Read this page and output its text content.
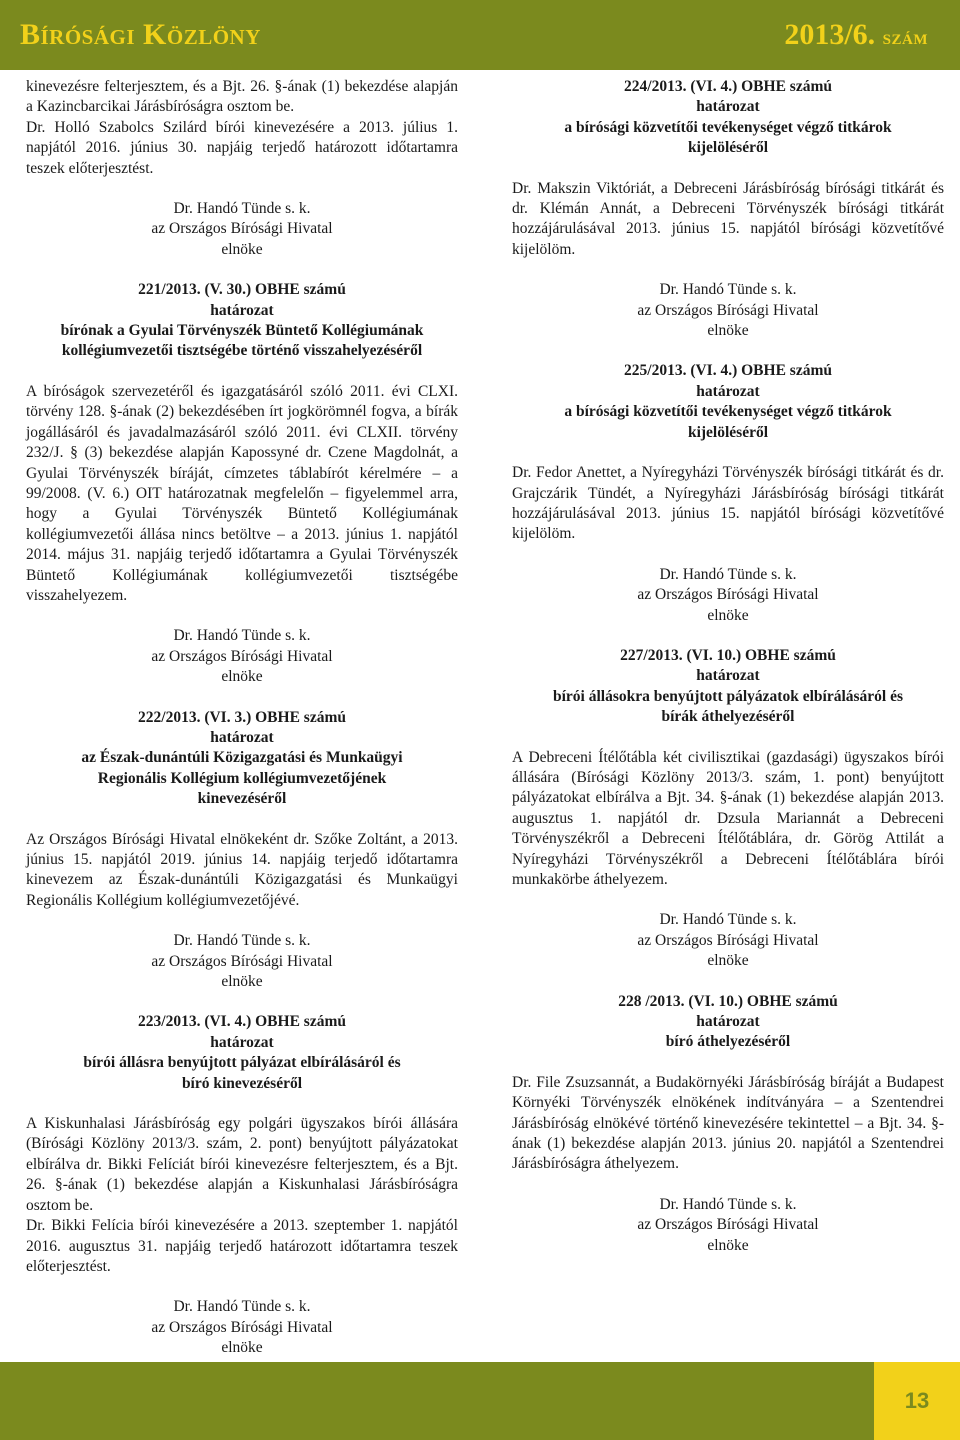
Bírósági Közlöny	2013/6. szám

kinevezésre felterjesztem, és a Bjt. 26. §-ának (1) bekezdése alapján a Kazincbarcikai Járásbíróságra osztom be.

Dr. Holló Szabolcs Szilárd bírói kinevezésére a 2013. július 1. napjától 2016. június 30. napjáig terjedő határozott időtartamra teszek előterjesztést.

Dr. Handó Tünde s. k.

az Országos Bírósági Hivatal

elnöke

221/2013. (V. 30.) OBHE számú

határozat

bírónak a Gyulai Törvényszék Büntető Kollégiumának

kollégiumvezetői tisztségébe történő visszahelyezéséről

A bíróságok szervezetéről és igazgatásáról szóló 2011. évi CLXI. törvény 128. §-ának (2) bekezdésében írt jogkörömnél fogva, a bírák jogállásáról és javadalmazásáról szóló 2011. évi CLXII. törvény 232/J. § (3) bekezdése alapján Kapossyné dr. Czene Magdolnát, a Gyulai Törvényszék bíráját, címzetes táblabírót kérelmére – a 99/2008. (V. 6.) OIT határozatnak megfelelőn – figyelemmel arra, hogy a Gyulai Törvényszék Büntető Kollégiumának kollégiumvezetői állása nincs betöltve – a 2013. június 1. napjától 2014. május 31. napjáig terjedő időtartamra a Gyulai Törvényszék Büntető Kollégiumának kollégiumvezetői tisztségébe visszahelyezem.

Dr. Handó Tünde s. k.

az Országos Bírósági Hivatal

elnöke

222/2013. (VI. 3.) OBHE számú

határozat

az Észak-dunántúli Közigazgatási és Munkaügyi

Regionális Kollégium kollégiumvezetőjének

kinevezéséről

Az Országos Bírósági Hivatal elnökeként dr. Szőke Zoltánt, a 2013. június 15. napjától 2019. június 14. napjáig terjedő időtartamra kinevezem az Észak-dunántúli Közigazgatási és Munkaügyi Regionális Kollégium kollégiumvezetőjévé.

Dr. Handó Tünde s. k.

az Országos Bírósági Hivatal

elnöke

223/2013. (VI. 4.) OBHE számú

határozat

bírói állásra benyújtott pályázat elbírálásáról és

bíró kinevezéséről

A Kiskunhalasi Járásbíróság egy polgári ügyszakos bírói állására (Bírósági Közlöny 2013/3. szám, 2. pont) benyújtott pályázatokat elbírálva dr. Bikki Felíciát bírói kinevezésre felterjesztem, és a Bjt. 26. §-ának (1) bekezdése alapján a Kiskunhalasi Járásbíróságra osztom be.

Dr. Bikki Felícia bírói kinevezésére a 2013. szeptember 1. napjától 2016. augusztus 31. napjáig terjedő határozott időtartamra teszek előterjesztést.

Dr. Handó Tünde s. k.

az Országos Bírósági Hivatal

elnöke

224/2013. (VI. 4.) OBHE számú

határozat

a bírósági közvetítői tevékenységet végző titkárok

kijelöléséről

Dr. Makszin Viktóriát, a Debreceni Járásbíróság bírósági titkárát és dr. Klémán Annát, a Debreceni Törvényszék bírósági titkárát hozzájárulásával 2013. június 15. napjától bírósági közvetítővé kijelölöm.

Dr. Handó Tünde s. k.

az Országos Bírósági Hivatal

elnöke

225/2013. (VI. 4.) OBHE számú

határozat

a bírósági közvetítői tevékenységet végző titkárok

kijelöléséről

Dr. Fedor Anettet, a Nyíregyházi Törvényszék bírósági titkárát és dr. Grajczárik Tündét, a Nyíregyházi Járásbíróság bírósági titkárát hozzájárulásával 2013. június 15. napjától bírósági közvetítővé kijelölöm.

Dr. Handó Tünde s. k.

az Országos Bírósági Hivatal

elnöke

227/2013. (VI. 10.) OBHE számú

határozat

bírói állásokra benyújtott pályázatok elbírálásáról és

bírák áthelyezéséről

A Debreceni Ítélőtábla két civilisztikai (gazdasági) ügyszakos bírói állására (Bírósági Közlöny 2013/3. szám, 1. pont) benyújtott pályázatokat elbírálva a Bjt. 34. §-ának (1) bekezdése alapján 2013. augusztus 1. napjától dr. Dzsula Mariannát a Debreceni Törvényszékről a Debreceni Ítélőtáblára, dr. Görög Attilát a Nyíregyházi Törvényszékről a Debreceni Ítélőtáblára bírói munkakörbe áthelyezem.

Dr. Handó Tünde s. k.

az Országos Bírósági Hivatal

elnöke

228 /2013. (VI. 10.) OBHE számú

határozat

bíró áthelyezéséről

Dr. File Zsuzsannát, a Budakörnyéki Járásbíróság bíráját a Budapest Környéki Törvényszék elnökének indítványára – a Szentendrei Járásbíróság elnökévé történő kinevezésére tekintettel – a Bjt. 34. §-ának (1) bekezdése alapján 2013. június 20. napjától a Szentendrei Járásbíróságra áthelyezem.

Dr. Handó Tünde s. k.

az Országos Bírósági Hivatal

elnöke

13
